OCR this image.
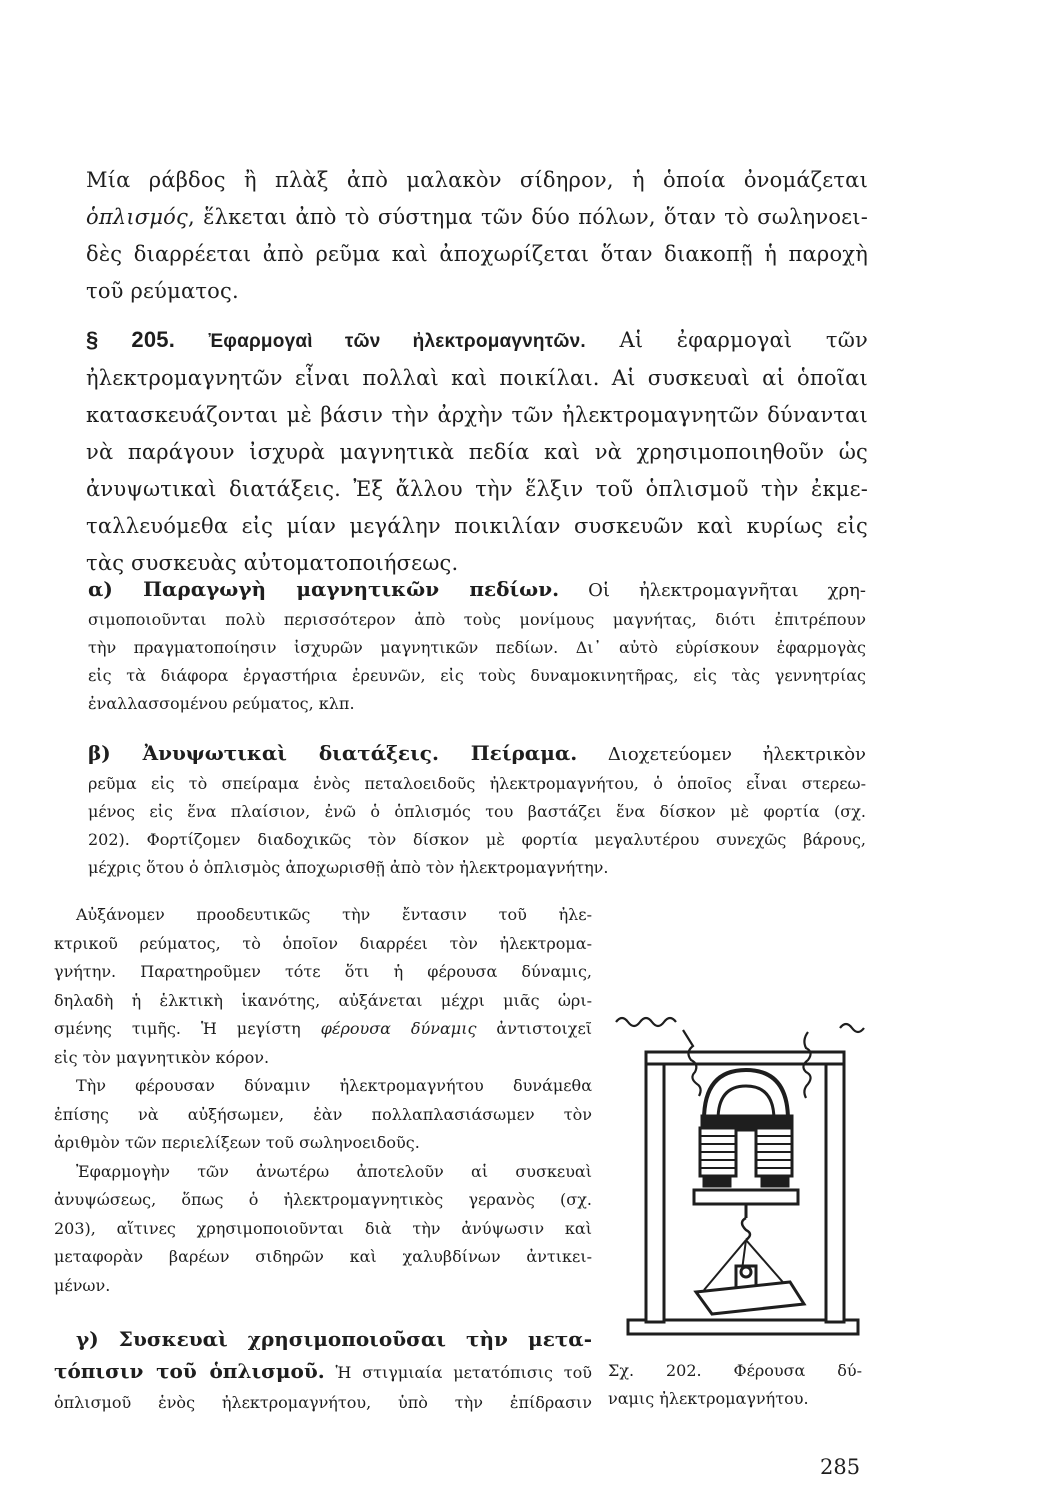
Μία ράβδος ἢ πλὰξ ἀπὸ μαλακὸν σίδηρον, ἡ ὁποία ὀνομάζεται
ὁπλισμός, ἕλκεται ἀπὸ τὸ σύστημα τῶν δύο πόλων, ὅταν τὸ σωληνοει-
δὲς διαρρέεται ἀπὸ ρεῦμα καὶ ἀποχωρίζεται ὅταν διακοπῇ ἡ παροχὴ
τοῦ ρεύματος.
§ 205. Ἐφαρμογαὶ τῶν ἠλεκτρομαγνητῶν. Αἱ ἐφαρμογαὶ τῶν
ἠλεκτρομαγνητῶν εἶναι πολλαὶ καὶ ποικίλαι. Αἱ συσκευαὶ αἱ ὁποῖαι
κατασκευάζονται μὲ βάσιν τὴν ἀρχὴν τῶν ἠλεκτρομαγνητῶν δύνανται
νὰ παράγουν ἰσχυρὰ μαγνητικὰ πεδία καὶ νὰ χρησιμοποιηθοῦν ὡς
ἀνυψωτικαὶ διατάξεις. Ἐξ ἄλλου τὴν ἕλξιν τοῦ ὁπλισμοῦ τὴν ἐκμε-
ταλλευόμεθα εἰς μίαν μεγάλην ποικιλίαν συσκευῶν καὶ κυρίως εἰς
τὰς συσκευὰς αὐτοματοποιήσεως.
α) Παραγωγὴ μαγνητικῶν πεδίων. Οἱ ἠλεκτρομαγνῆται χρη-
σιμοποιοῦνται πολὺ περισσότερον ἀπὸ τοὺς μονίμους μαγνήτας, διότι ἐπιτρέπουν
τὴν πραγματοποίησιν ἰσχυρῶν μαγνητικῶν πεδίων. Δι᾽ αὐτὸ εὑρίσκουν ἐφαρμογὰς
εἰς τὰ διάφορα ἐργαστήρια ἐρευνῶν, εἰς τοὺς δυναμοκινητῆρας, εἰς τὰς γεννητρίας
ἐναλλασσομένου ρεύματος, κλπ.
β) Ἀνυψωτικαὶ διατάξεις. Πείραμα. Διοχετεύομεν ἠλεκτρικὸν
ρεῦμα εἰς τὸ σπείραμα ἑνὸς πεταλοειδοῦς ἠλεκτρομαγνήτου, ὁ ὁποῖος εἶναι στερεω-
μένος εἰς ἕνα πλαίσιον, ἐνῶ ὁ ὁπλισμός του βαστάζει ἕνα δίσκον μὲ φορτία (σχ.
202). Φορτίζομεν διαδοχικῶς τὸν δίσκον μὲ φορτία μεγαλυτέρου συνεχῶς βάρους,
μέχρις ὅτου ὁ ὁπλισμὸς ἀποχωρισθῇ ἀπὸ τὸν ἠλεκτρομαγνήτην.
Αὐξάνομεν προοδευτικῶς τὴν ἔντασιν τοῦ ἠλε-
κτρικοῦ ρεύματος, τὸ ὁποῖον διαρρέει τὸν ἠλεκτρομα-
γνήτην. Παρατηροῦμεν τότε ὅτι ἡ φέρουσα δύναμις,
δηλαδὴ ἡ ἑλκτικὴ ἱκανότης, αὐξάνεται μέχρι μιᾶς ὡρι-
σμένης τιμῆς. Ἡ μεγίστη φέρουσα δύναμις ἀντιστοιχεῖ
εἰς τὸν μαγνητικὸν κόρον.
Τὴν φέρουσαν δύναμιν ἠλεκτρομαγνήτου δυνάμεθα
ἐπίσης νὰ αὐξήσωμεν, ἐὰν πολλαπλασιάσωμεν τὸν
ἀριθμὸν τῶν περιελίξεων τοῦ σωληνοειδοῦς.
Ἐφαρμογὴν τῶν ἀνωτέρω ἀποτελοῦν αἱ συσκευαὶ
ἀνυψώσεως, ὅπως ὁ ἠλεκτρομαγνητικὸς γερανὸς (σχ.
203), αἵτινες χρησιμοποιοῦνται διὰ τὴν ἀνύψωσιν καὶ
μεταφορὰν βαρέων σιδηρῶν καὶ χαλυβδίνων ἀντικει-
μένων.
γ) Συσκευαὶ χρησιμοποιοῦσαι τὴν μετα-
τόπισιν τοῦ ὁπλισμοῦ. Ἡ στιγμιαία μετατόπισις τοῦ
ὁπλισμοῦ ἑνὸς ἠλεκτρομαγνήτου, ὑπὸ τὴν ἐπίδρασιν
Σχ. 202. Φέρουσα δύ-
ναμις ἠλεκτρομαγνήτου.
285
